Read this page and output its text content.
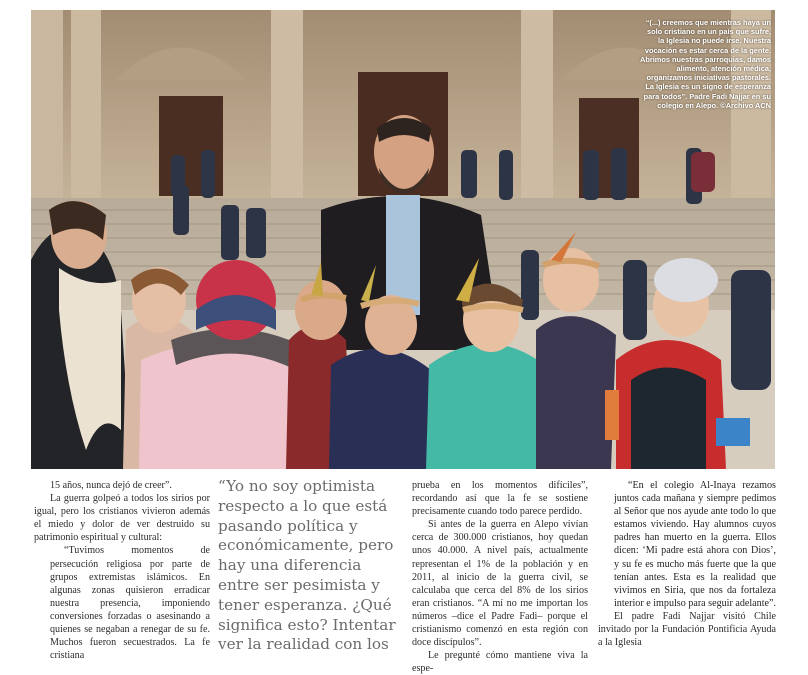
“(...) creemos que mientras haya un solo cristiano en un país que sufre, la Iglesia no puede irse. Nuestra vocación es estar cerca de la gente. Abrimos nuestras parroquias, damos alimento, atención médica, organizamos iniciativas pastorales. La Iglesia es un signo de esperanza para todos”. Padre Fadi Najjar en su colegio en Alepo. ©Archivo ACN

15 años, nunca dejó de creer”.

La guerra golpeó a todos los sirios por igual, pero los cristianos vivieron además el miedo y dolor de ver destruido su patrimonio espiritual y cultural:

“Tuvimos momentos de persecución religiosa por parte de grupos extremistas islámicos. En algunas zonas quisieron erradicar nuestra presencia, imponiendo conversiones forzadas o asesinando a quienes se negaban a renegar de su fe. Muchos fueron secuestrados. La fe cristiana

“Yo no soy optimista respecto a lo que está pasando política y económicamente, pero hay una diferencia entre ser pesimista y tener esperanza. ¿Qué significa esto? Intentar ver la realidad con los

prueba en los momentos difíciles”, recordando así que la fe se sostiene precisamente cuando todo parece perdido.

Si antes de la guerra en Alepo vivían cerca de 300.000 cristianos, hoy quedan unos 40.000. A nivel país, actualmente representan el 1% de la población y en 2011, al inicio de la guerra civil, se calculaba que cerca del 8% de los sirios eran cristianos. “A mí no me importan los números –dice el Padre Fadi– porque el cristianismo comenzó en esta región con doce discípulos”.

Le pregunté cómo mantiene viva la espe-

“En el colegio Al-Inaya rezamos juntos cada mañana y siempre pedimos al Señor que nos ayude ante todo lo que estamos viviendo. Hay alumnos cuyos padres han muerto en la guerra. Ellos dicen: ‘Mi padre está ahora con Dios’, y su fe es mucho más fuerte que la que tenían antes. Esta es la realidad que vivimos en Siria, que nos da fortaleza interior e impulso para seguir adelante”.

El padre Fadi Najjar visitó Chile invitado por la Fundación Pontificia Ayuda a la Iglesia
